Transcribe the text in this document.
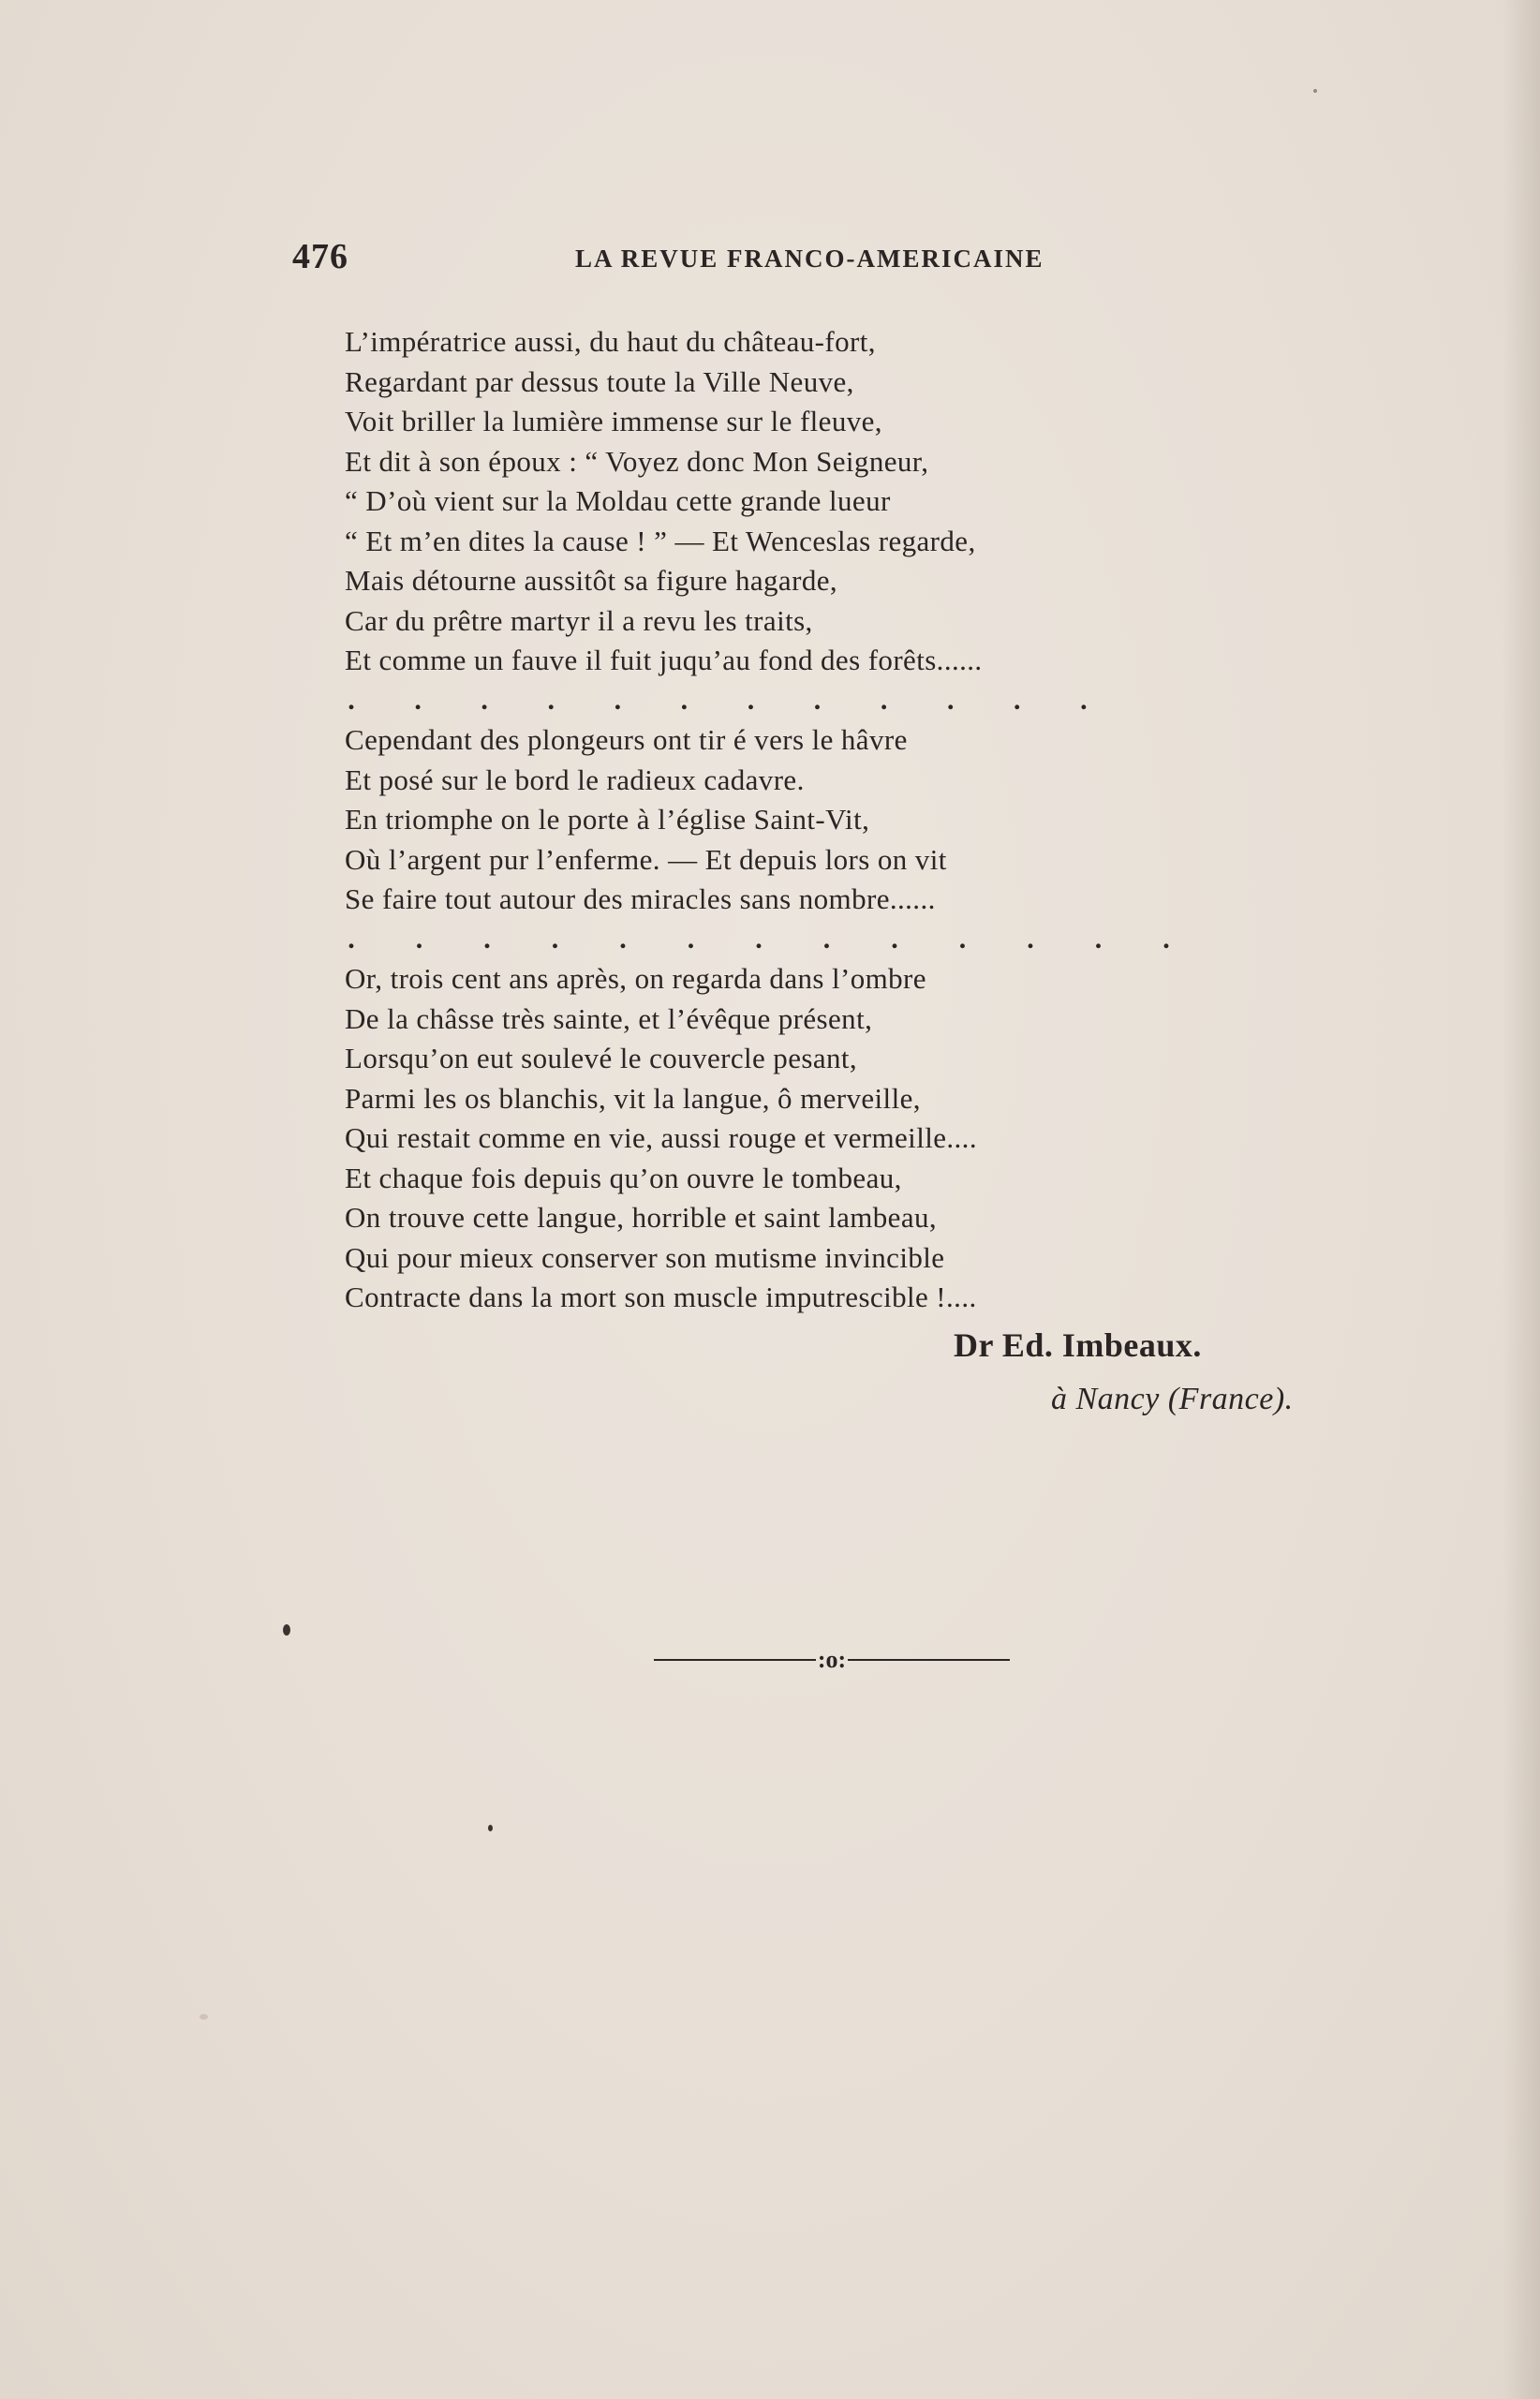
476	LA REVUE FRANCO-AMERICAINE
L’impératrice aussi, du haut du château-fort,
Regardant par dessus toute la Ville Neuve,
Voit briller la lumière immense sur le fleuve,
Et dit à son époux : “ Voyez donc Mon Seigneur,
“ D’où vient sur la Moldau cette grande lueur
“ Et m’en dites la cause ! ” — Et Wenceslas regarde,
Mais détourne aussitôt sa figure hagarde,
Car du prêtre martyr il a revu les traits,
Et comme un fauve il fuit juqu’au fond des forêts......
. . . . . . . . . . . .
Cependant des plongeurs ont tir é vers le hâvre
Et posé sur le bord le radieux cadavre.
En triomphe on le porte à l’église Saint-Vit,
Où l’argent pur l’enferme. — Et depuis lors on vit
Se faire tout autour des miracles sans nombre......
. . . . . . . . . . . . .
Or, trois cent ans après, on regarda dans l’ombre
De la châsse très sainte, et l’évêque présent,
Lorsqu’on eut soulevé le couvercle pesant,
Parmi les os blanchis, vit la langue, ô merveille,
Qui restait comme en vie, aussi rouge et vermeille....
Et chaque fois depuis qu’on ouvre le tombeau,
On trouve cette langue, horrible et saint lambeau,
Qui pour mieux conserver son mutisme invincible
Contracte dans la mort son muscle imputrescible !....
Dr Ed. Imbeaux.
à Nancy (France).
:o:
